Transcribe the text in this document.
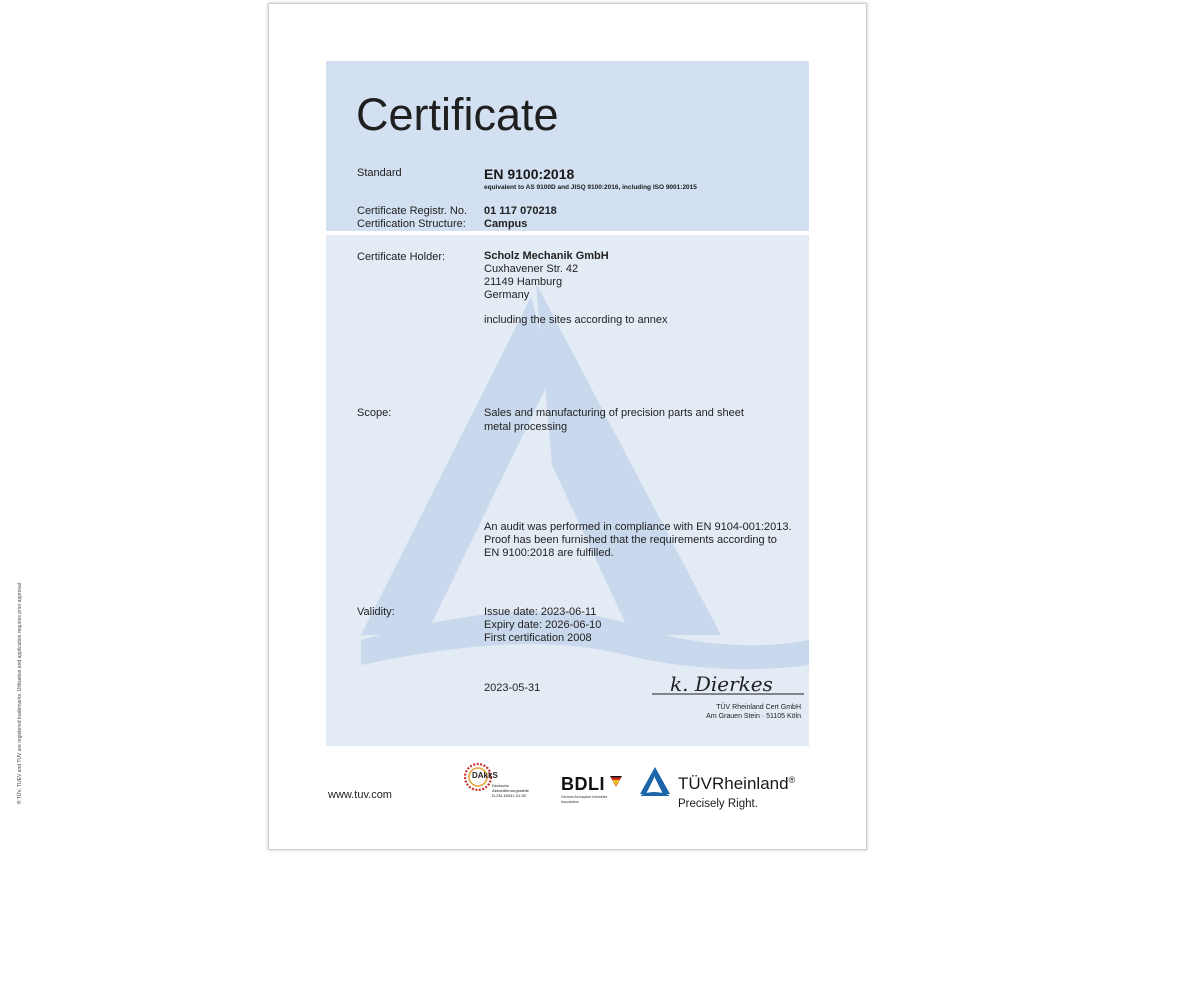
Certificate
Standard	EN 9100:2018
equivalent to AS 9100D and JISQ 9100:2016, including ISO 9001:2015
Certificate Registr. No. 01 117 070218
Certification Structure: Campus
Certificate Holder:	Scholz Mechanik GmbH
Cuxhavener Str. 42
21149 Hamburg
Germany
including the sites according to annex
Scope:	Sales and manufacturing of precision parts and sheet
metal processing
An audit was performed in compliance with EN 9104-001:2013.
Proof has been furnished that the requirements according to
EN 9100:2018 are fulfilled.
Validity:	Issue date: 2023-06-11
Expiry date: 2026-06-10
First certification 2008
2023-05-31	k. Dierkes
TÜV Rheinland Cert GmbH
Am Grauen Stein · 51105 Köln
www.tuv.com
DAkkS
Deutsche
Akkreditierungsstelle
D-ZM-16031-01-00
BDLI
German Aerospace Industries
Association
TÜVRheinland®
Precisely Right.
® TÜV, TUEV and TUV are registered trademarks. Utilisation and application requires prior approval.
